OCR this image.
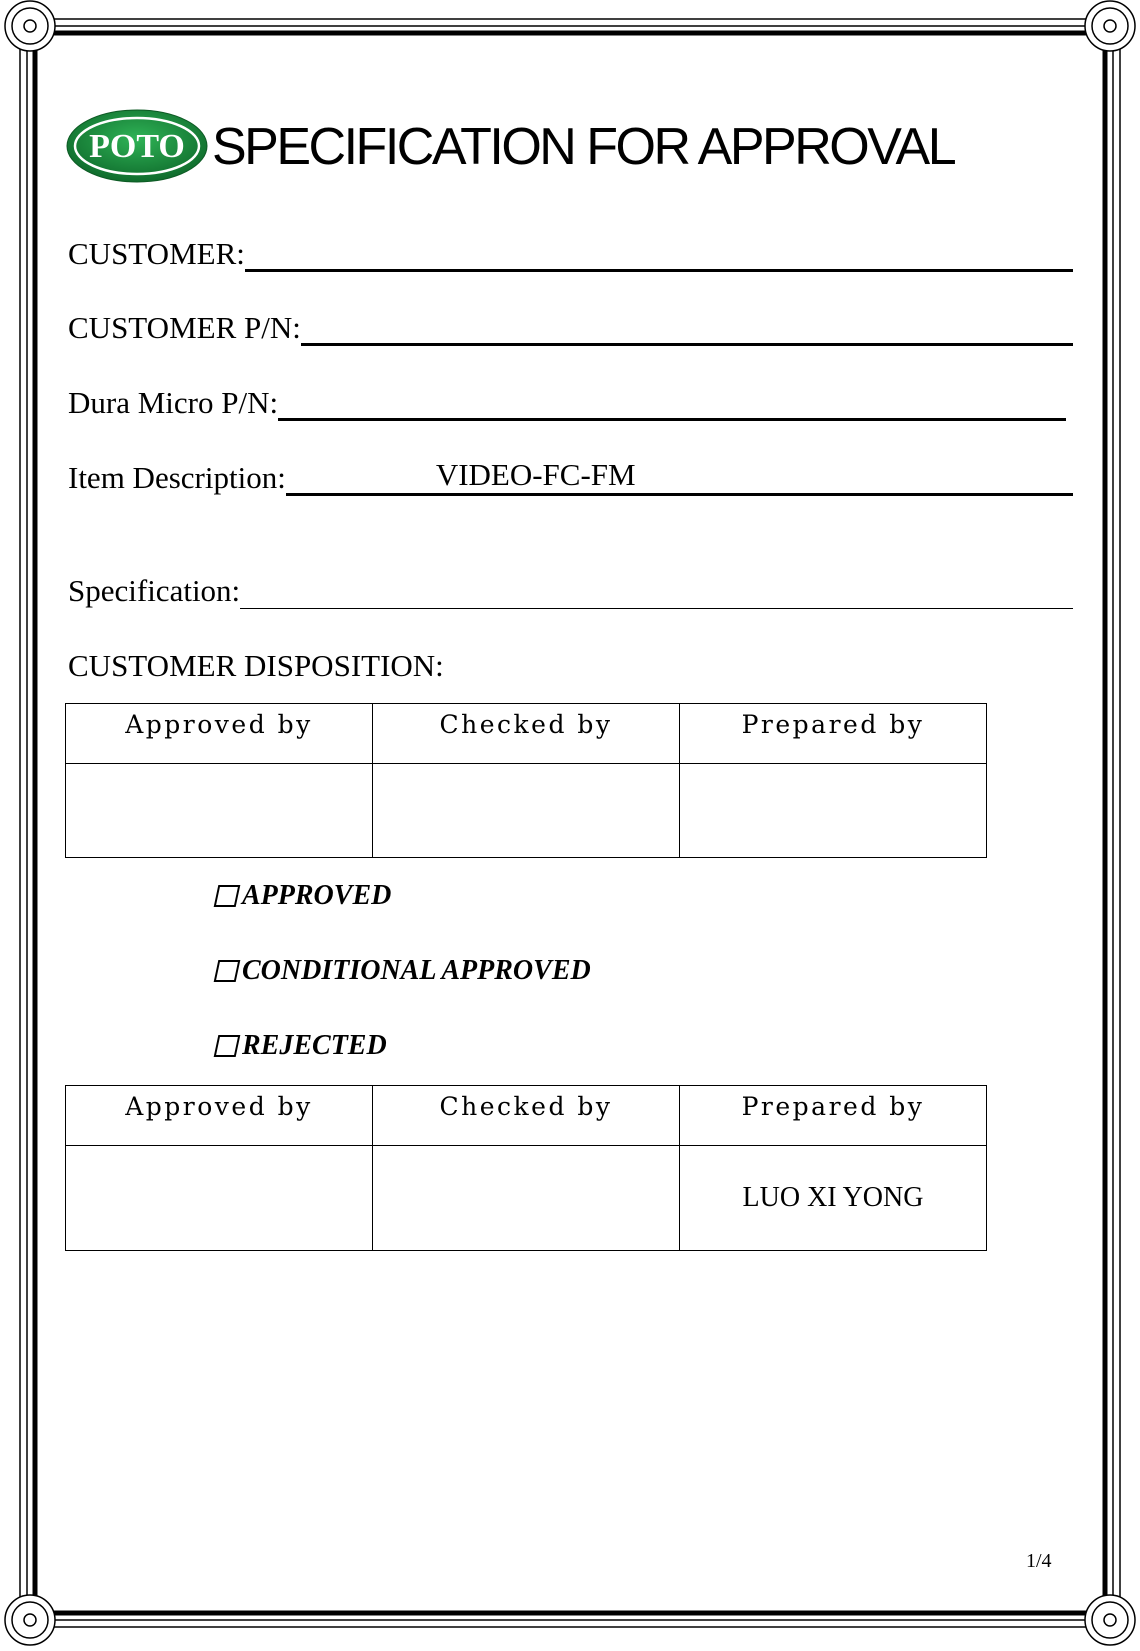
POTO SPECIFICATION FOR APPROVAL
CUSTOMER:
CUSTOMER P/N:
Dura Micro P/N:
Item Description:	VIDEO-FC-FM
Specification:
CUSTOMER DISPOSITION:
Approved by	Checked by	Prepared by

APPROVED
CONDITIONAL APPROVED
REJECTED
Approved by	Checked by	Prepared by
		LUO XI YONG
1/4
